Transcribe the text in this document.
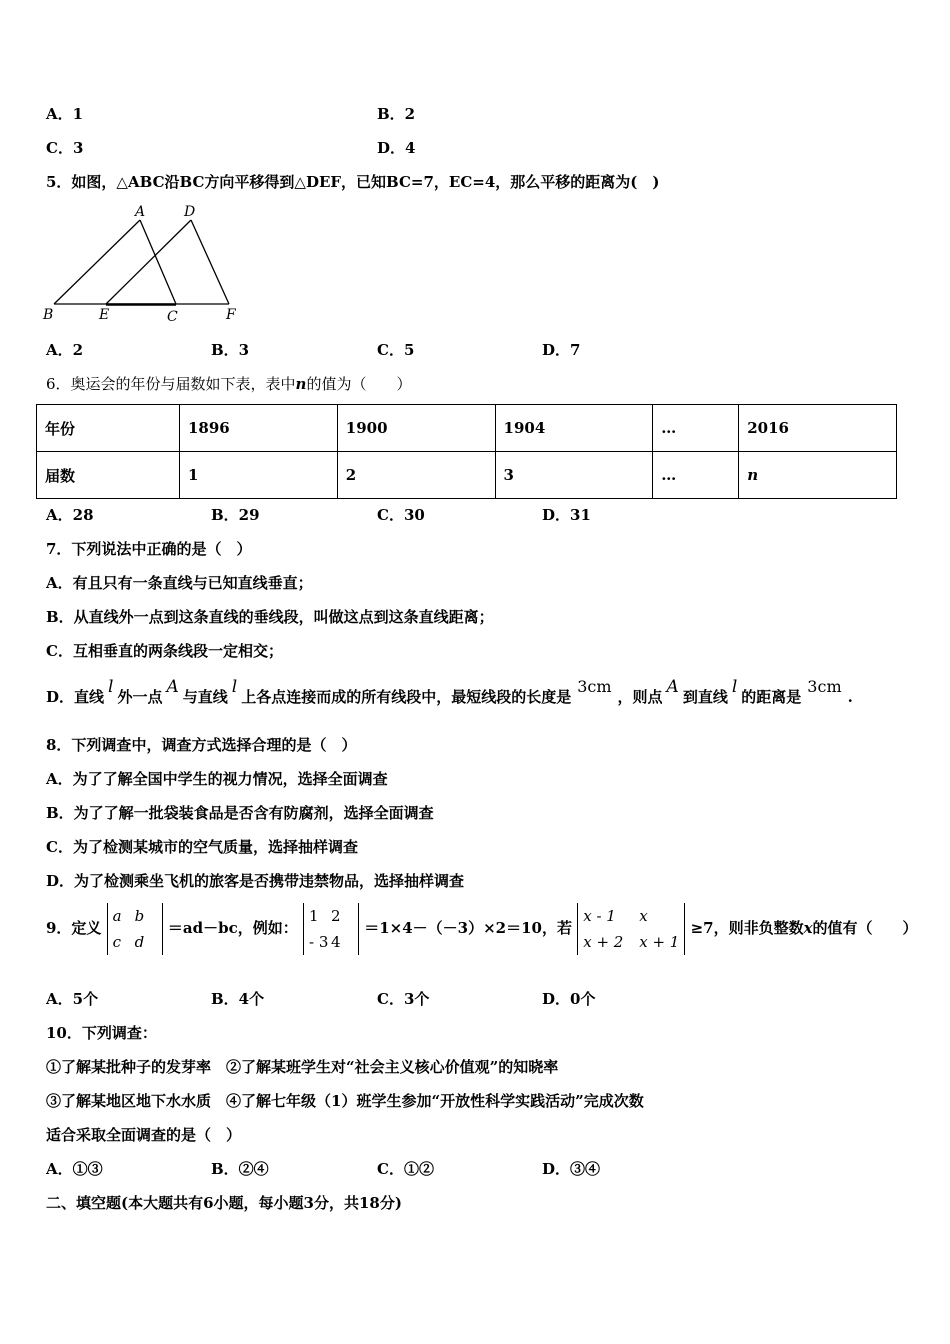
A．1	B．2
C．3	D．4
5．如图，△ABC沿BC方向平移得到△DEF，已知BC=7，EC=4，那么平移的距离为(　)
A	D
B	E	C	F
A．2	B．3	C．5	D．7
6．奥运会的年份与届数如下表，表中n的值为（　　）
年份	1896	1900	1904	…	2016
届数	1	2	3	…	n
A．28	B．29	C．30	D．31
7．下列说法中正确的是（　）
A．有且只有一条直线与已知直线垂直；
B．从直线外一点到这条直线的垂线段，叫做这点到这条直线距离；
C．互相垂直的两条线段一定相交；
D．直线 l 外一点 A 与直线 l 上各点连接而成的所有线段中，最短线段的长度是3cm，则点 A 到直线 l 的距离是3cm.
8．下列调查中，调查方式选择合理的是（　）
A．为了了解全国中学生的视力情况，选择全面调查
B．为了了解一批袋装食品是否含有防腐剂，选择全面调查
C．为了检测某城市的空气质量，选择抽样调查
D．为了检测乘坐飞机的旅客是否携带违禁物品，选择抽样调查
9．定义
a b
c d
＝ad－bc，例如：
1 2
- 3 4
＝1×4－（－3）×2＝10，若
x - 1 x
x + 2 x + 1
≥7，则非负整数x的值有（　　）
A．5个	B．4个	C．3个	D．0个
10．下列调查：
①了解某批种子的发芽率　②了解某班学生对“社会主义核心价值观”的知晓率
③了解某地区地下水水质　④了解七年级（1）班学生参加“开放性科学实践活动”完成次数
适合采取全面调查的是（　）
A．①③	B．②④	C．①②	D．③④
二、填空题(本大题共有6小题，每小题3分，共18分)
